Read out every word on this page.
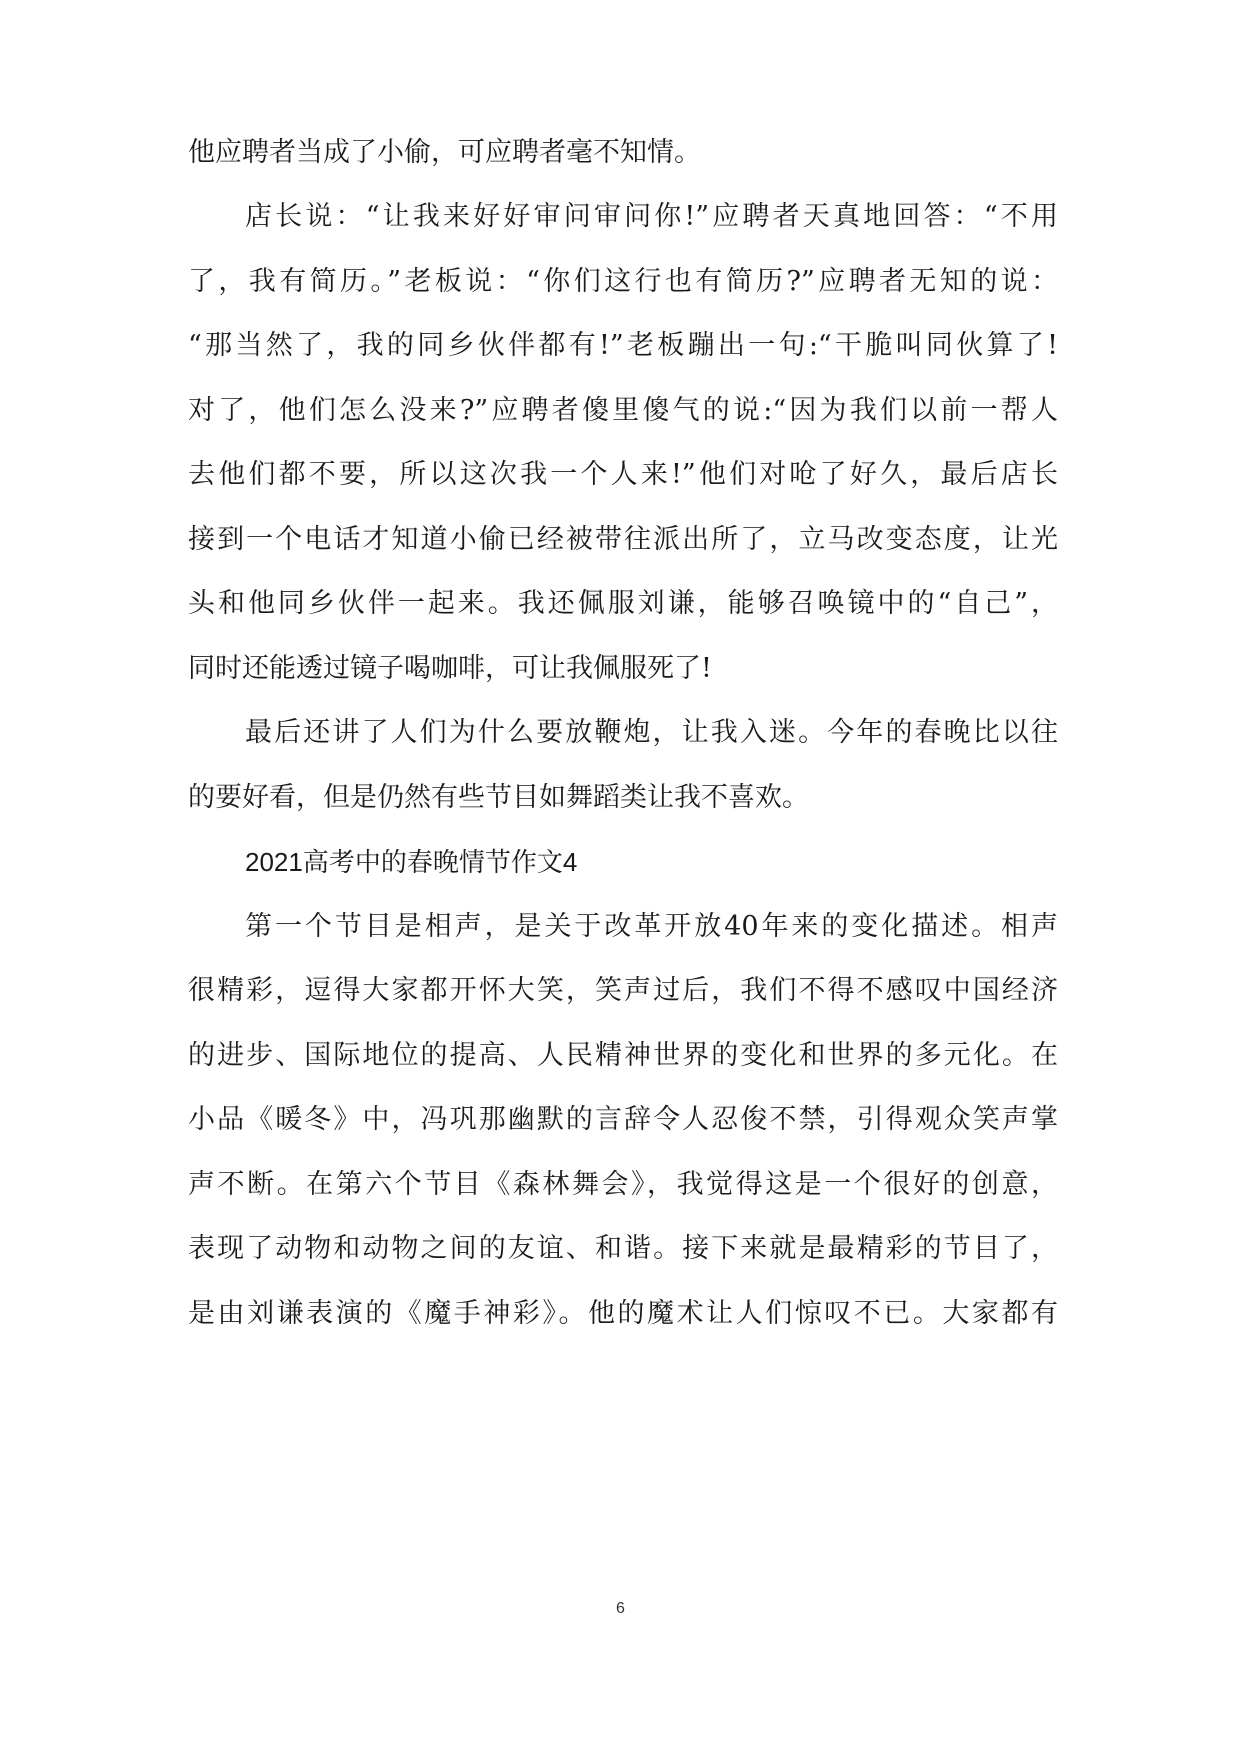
他应聘者当成了小偷，可应聘者毫不知情。
店长说：“让我来好好审问审问你!”应聘者天真地回答：“不用
了，我有简历。”老板说：“你们这行也有简历?”应聘者无知的说：
“那当然了，我的同乡伙伴都有!”老板蹦出一句:“干脆叫同伙算了!
对了，他们怎么没来?”应聘者傻里傻气的说:“因为我们以前一帮人
去他们都不要，所以这次我一个人来!”他们对呛了好久，最后店长
接到一个电话才知道小偷已经被带往派出所了，立马改变态度，让光
头和他同乡伙伴一起来。我还佩服刘谦，能够召唤镜中的“自己”，
同时还能透过镜子喝咖啡，可让我佩服死了!
最后还讲了人们为什么要放鞭炮，让我入迷。今年的春晚比以往
的要好看，但是仍然有些节目如舞蹈类让我不喜欢。
2021高考中的春晚情节作文4
第一个节目是相声，是关于改革开放40年来的变化描述。相声
很精彩，逗得大家都开怀大笑，笑声过后，我们不得不感叹中国经济
的进步、国际地位的提高、人民精神世界的变化和世界的多元化。在
小品《暖冬》中，冯巩那幽默的言辞令人忍俊不禁，引得观众笑声掌
声不断。在第六个节目《森林舞会》，我觉得这是一个很好的创意，
表现了动物和动物之间的友谊、和谐。接下来就是最精彩的节目了，
是由刘谦表演的《魔手神彩》。他的魔术让人们惊叹不已。大家都有
6
